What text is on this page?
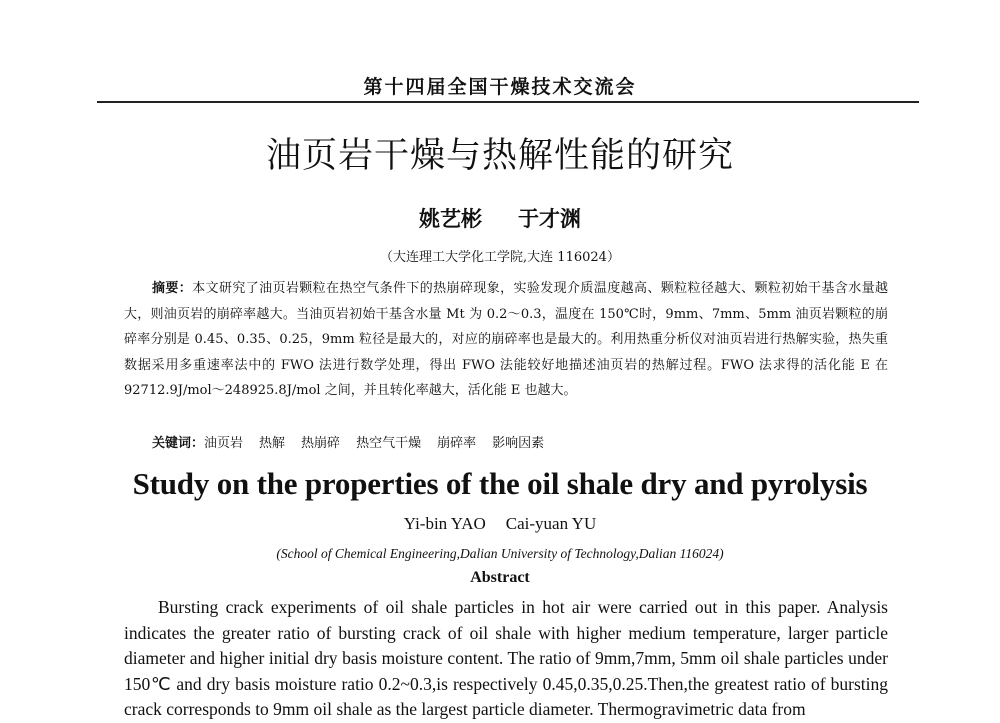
第十四届全国干燥技术交流会
油页岩干燥与热解性能的研究
姚艺彬 于才渊
（大连理工大学化工学院,大连 116024）
摘要：本文研究了油页岩颗粒在热空气条件下的热崩碎现象，实验发现介质温度越高、颗粒粒径越大、颗粒初始干基含水量越大，则油页岩的崩碎率越大。当油页岩初始干基含水量 Mt 为 0.2～0.3，温度在 150℃时，9mm、7mm、5mm 油页岩颗粒的崩碎率分别是 0.45、0.35、0.25，9mm 粒径是最大的，对应的崩碎率也是最大的。利用热重分析仪对油页岩进行热解实验，热失重数据采用多重速率法中的 FWO 法进行数学处理，得出 FWO 法能较好地描述油页岩的热解过程。FWO 法求得的活化能 E 在 92712.9J/mol～248925.8J/mol 之间，并且转化率越大，活化能 E 也越大。
关键词：油页岩 热解 热崩碎 热空气干燥 崩碎率 影响因素
Study on the properties of the oil shale dry and pyrolysis
Yi-bin YAO Cai-yuan YU
(School of Chemical Engineering,Dalian University of Technology,Dalian 116024)
Abstract
Bursting crack experiments of oil shale particles in hot air were carried out in this paper. Analysis indicates the greater ratio of bursting crack of oil shale with higher medium temperature, larger particle diameter and higher initial dry basis moisture content. The ratio of 9mm,7mm, 5mm oil shale particles under 150℃ and dry basis moisture ratio 0.2~0.3,is respectively 0.45,0.35,0.25.Then,the greatest ratio of bursting crack corresponds to 9mm oil shale as the largest particle diameter. Thermogravimetric data from
